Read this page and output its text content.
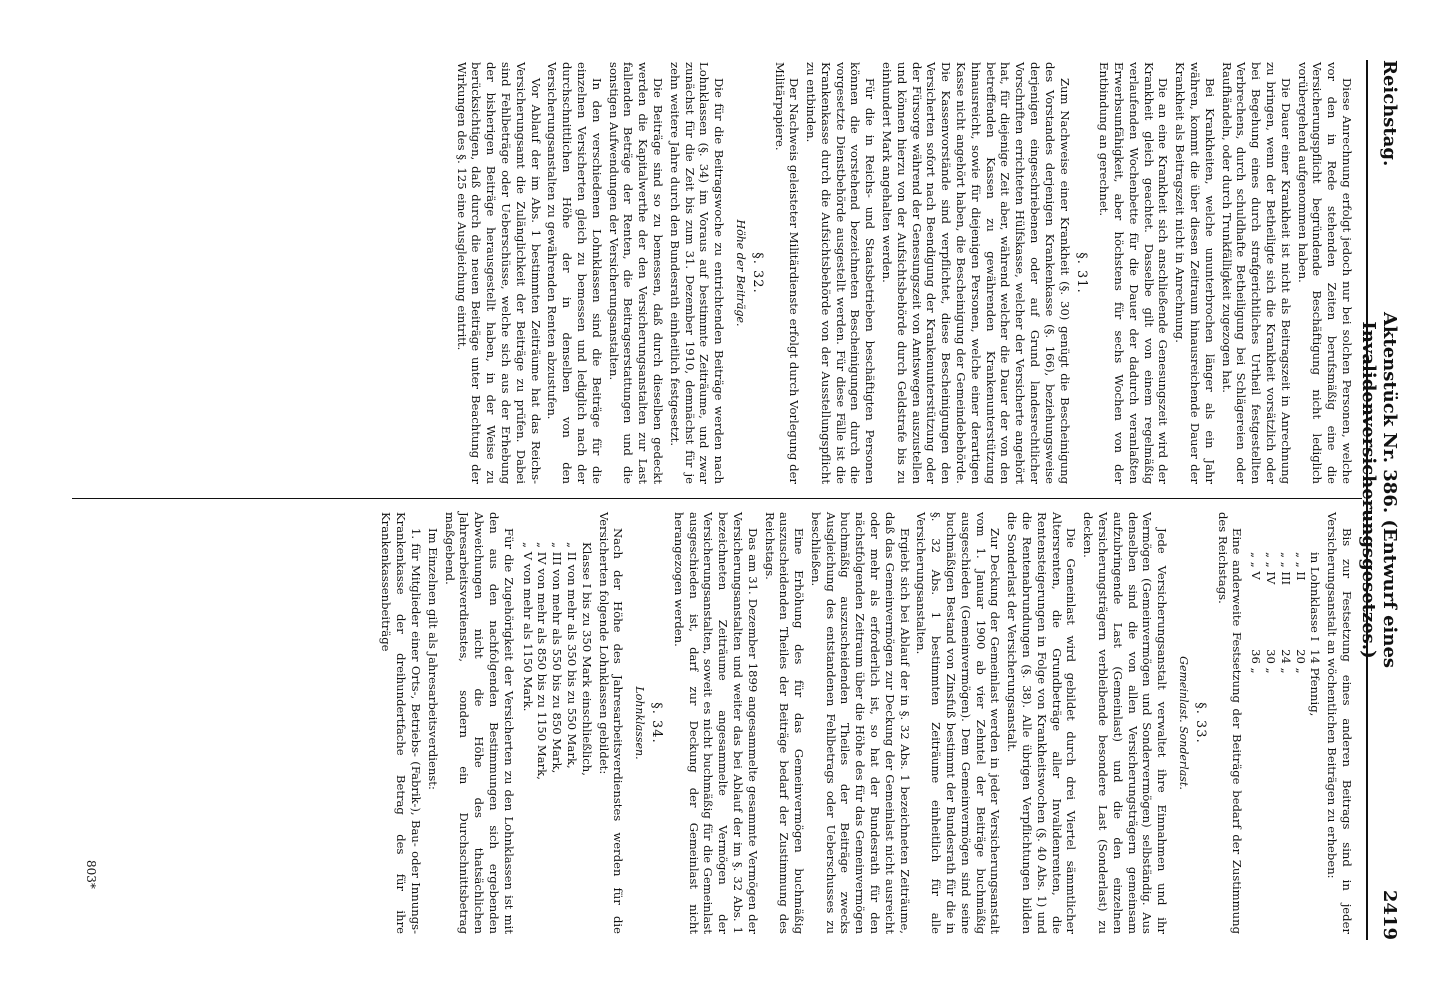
Reichstag.
Aktenstück Nr. 386. (Entwurf eines Invalidenversicherungsgesetzes.)
2419

Diese Anrechnung erfolgt jedoch nur bei solchen Personen, welche vor den in Rede stehenden Zeiten berufsmäßig eine die Versicherungspflicht begründende Beschäftigung nicht lediglich vorübergehend aufgenommen haben.

Die Dauer einer Krankheit ist nicht als Beitragszeit in Anrechnung zu bringen, wenn der Betheiligte sich die Krankheit vorsätzlich oder bei Begehung eines durch strafgerichtliches Urtheil festgestellten Verbrechens, durch schuldhafte Betheiligung bei Schlägereien oder Raufhändeln, oder durch Trunkfälligkeit zugezogen hat.

Bei Krankheiten, welche ununterbrochen länger als ein Jahr währen, kommt die über diesen Zeitraum hinausreichende Dauer der Krankheit als Beitragszeit nicht in Anrechnung.

Die an eine Krankheit sich anschließende Genesungszeit wird der Krankheit gleich geachtet. Dasselbe gilt von einem regelmäßig verlaufenden Wochenbette für die Dauer der dadurch veranlaßten Erwerbsunfähigkeit, aber höchstens für sechs Wochen von der Entbindung an gerechnet.

§. 31.

Zum Nachweise einer Krankheit (§. 30) genügt die Bescheinigung des Vorstandes derjenigen Krankenkasse (§. 166), beziehungsweise derjenigen eingeschriebenen oder auf Grund landesrechtlicher Vorschriften errichteten Hülfskasse, welcher der Versicherte angehört hat, für diejenige Zeit aber, während welcher die Dauer der von den betreffenden Kassen zu gewährenden Krankenunterstützung hinausreicht, sowie für diejenigen Personen, welche einer derartigen Kasse nicht angehört haben, die Bescheinigung der Gemeindebehörde. Die Kassenvorstände sind verpflichtet, diese Bescheinigungen den Versicherten sofort nach Beendigung der Krankenunterstützung oder der Fürsorge während der Genesungszeit von Amtswegen auszustellen und können hierzu von der Aufsichtsbehörde durch Geldstrafe bis zu einhundert Mark angehalten werden.

Für die in Reichs- und Staatsbetrieben beschäftigten Personen können die vorstehend bezeichneten Bescheinigungen durch die vorgesetzte Dienstbehörde ausgestellt werden. Für diese Fälle ist die Krankenkasse durch die Aufsichtsbehörde von der Ausstellungspflicht zu entbinden.

Der Nachweis geleisteter Militärdienste erfolgt durch Vorlegung der Militärpapiere.

§. 32.
Höhe der Beiträge.

Die für die Beitragswoche zu entrichtenden Beiträge werden nach Lohnklassen (§. 34) im Voraus auf bestimmte Zeiträume, und zwar zunächst für die Zeit bis zum 31. Dezember 1910, demnächst für je zehn weitere Jahre durch den Bundesrath einheitlich festgesetzt.

Die Beiträge sind so zu bemessen, daß durch dieselben gedeckt werden die Kapitalwerthe der den Versicherungsanstalten zur Last fallenden Beträge der Renten, die Beitragserstattungen und die sonstigen Aufwendungen der Versicherungsanstalten.

In den verschiedenen Lohnklassen sind die Beiträge für die einzelnen Versicherten gleich zu bemessen und lediglich nach der durchschnittlichen Höhe der in denselben von den Versicherungsanstalten zu gewährenden Renten abzustufen.

Vor Ablauf der im Abs. 1 bestimmten Zeiträume hat das Reichs-Versicherungsamt die Zulänglichkeit der Beiträge zu prüfen. Dabei sind Fehlbeträge oder Ueberschüsse, welche sich aus der Erhebung der bisherigen Beiträge herausgestellt haben, in der Weise zu berücksichtigen, daß durch die neuen Beiträge unter Beachtung der Wirkungen des §. 125 eine Ausgleichung eintritt.

Bis zur Festsetzung eines anderen Beitrags sind in jeder Versicherungsanstalt an wöchentlichen Beiträgen zu erheben:

in Lohnklasse I	14 Pfennig,
„ „ II	20 „
„ „ III	24 „
„ „ IV	30 „
„ „ V	36 „

Eine anderweite Festsetzung der Beiträge bedarf der Zustimmung des Reichstags.

§. 33.
Gemeinlast. Sonderlast.

Jede Versicherungsanstalt verwaltet ihre Einnahmen und ihr Vermögen (Gemeinvermögen und Sondervermögen) selbständig. Aus denselben sind die von allen Versicherungsträgern gemeinsam aufzubringende Last (Gemeinlast) und die den einzelnen Versicherungsträgern verbleibende besondere Last (Sonderlast) zu decken.

Die Gemeinlast wird gebildet durch drei Viertel sämmtlicher Altersrenten, die Grundbeträge aller Invalidenrenten, die Rentensteigerungen in Folge von Krankheitswochen (§. 40 Abs. 1) und die Rentenabrundungen (§. 38). Alle übrigen Verpflichtungen bilden die Sonderlast der Versicherungsanstalt.

Zur Deckung der Gemeinlast werden in jeder Versicherungsanstalt vom 1. Januar 1900 ab vier Zehntel der Beiträge buchmäßig ausgeschieden (Gemeinvermögen). Dem Gemeinvermögen sind seine buchmäßigen Bestand von Zinsfuß bestimmt der Bundesrath für die in §. 32 Abs. 1 bestimmten Zeiträume einheitlich für alle Versicherungsanstalten.

Ergiebt sich bei Ablauf der in §. 32 Abs. 1 bezeichneten Zeiträume, daß das Gemeinvermögen zur Deckung der Gemeinlast nicht ausreicht oder mehr als erforderlich ist, so hat der Bundesrath für den nächstfolgenden Zeitraum über die Höhe des für das Gemeinvermögen buchmäßig auszuscheidenden Theiles der Beiträge zwecks Ausgleichung des entstandenen Fehlbetrags oder Ueberschusses zu beschließen.

Eine Erhöhung des für das Gemeinvermögen buchmäßig auszuscheidenden Theiles der Beiträge bedarf der Zustimmung des Reichstags.

Das am 31. Dezember 1899 angesammelte gesammte Vermögen der Versicherungsanstalten und weiter das bei Ablauf der im §. 32 Abs. 1 bezeichneten Zeiträume angesammelte Vermögen der Versicherungsanstalten, soweit es nicht buchmäßig für die Gemeinlast ausgeschieden ist, darf zur Deckung der Gemeinlast nicht herangezogen werden.

§. 34.
Lohnklassen.

Nach der Höhe des Jahresarbeitsverdienstes werden für die Versicherten folgende Lohnklassen gebildet:

Klasse I bis zu 350 Mark einschließlich,
„ II von mehr als 350 bis zu 550 Mark,
„ III von mehr als 550 bis zu 850 Mark,
„ IV von mehr als 850 bis zu 1150 Mark,
„ V von mehr als 1150 Mark.

Für die Zugehörigkeit der Versicherten zu den Lohnklassen ist mit den aus den nachfolgenden Bestimmungen sich ergebenden Abweichungen nicht die Höhe des thatsächlichen Jahresarbeitsverdienstes, sondern ein Durchschnittsbetrag maßgebend.

Im Einzelnen gilt als Jahresarbeitsverdienst:

1. für Mitglieder einer Orts-, Betriebs- (Fabrik-), Bau- oder Innungs-Krankenkasse der dreihundertfache Betrag des für ihre Krankenkassenbeiträge

803*
